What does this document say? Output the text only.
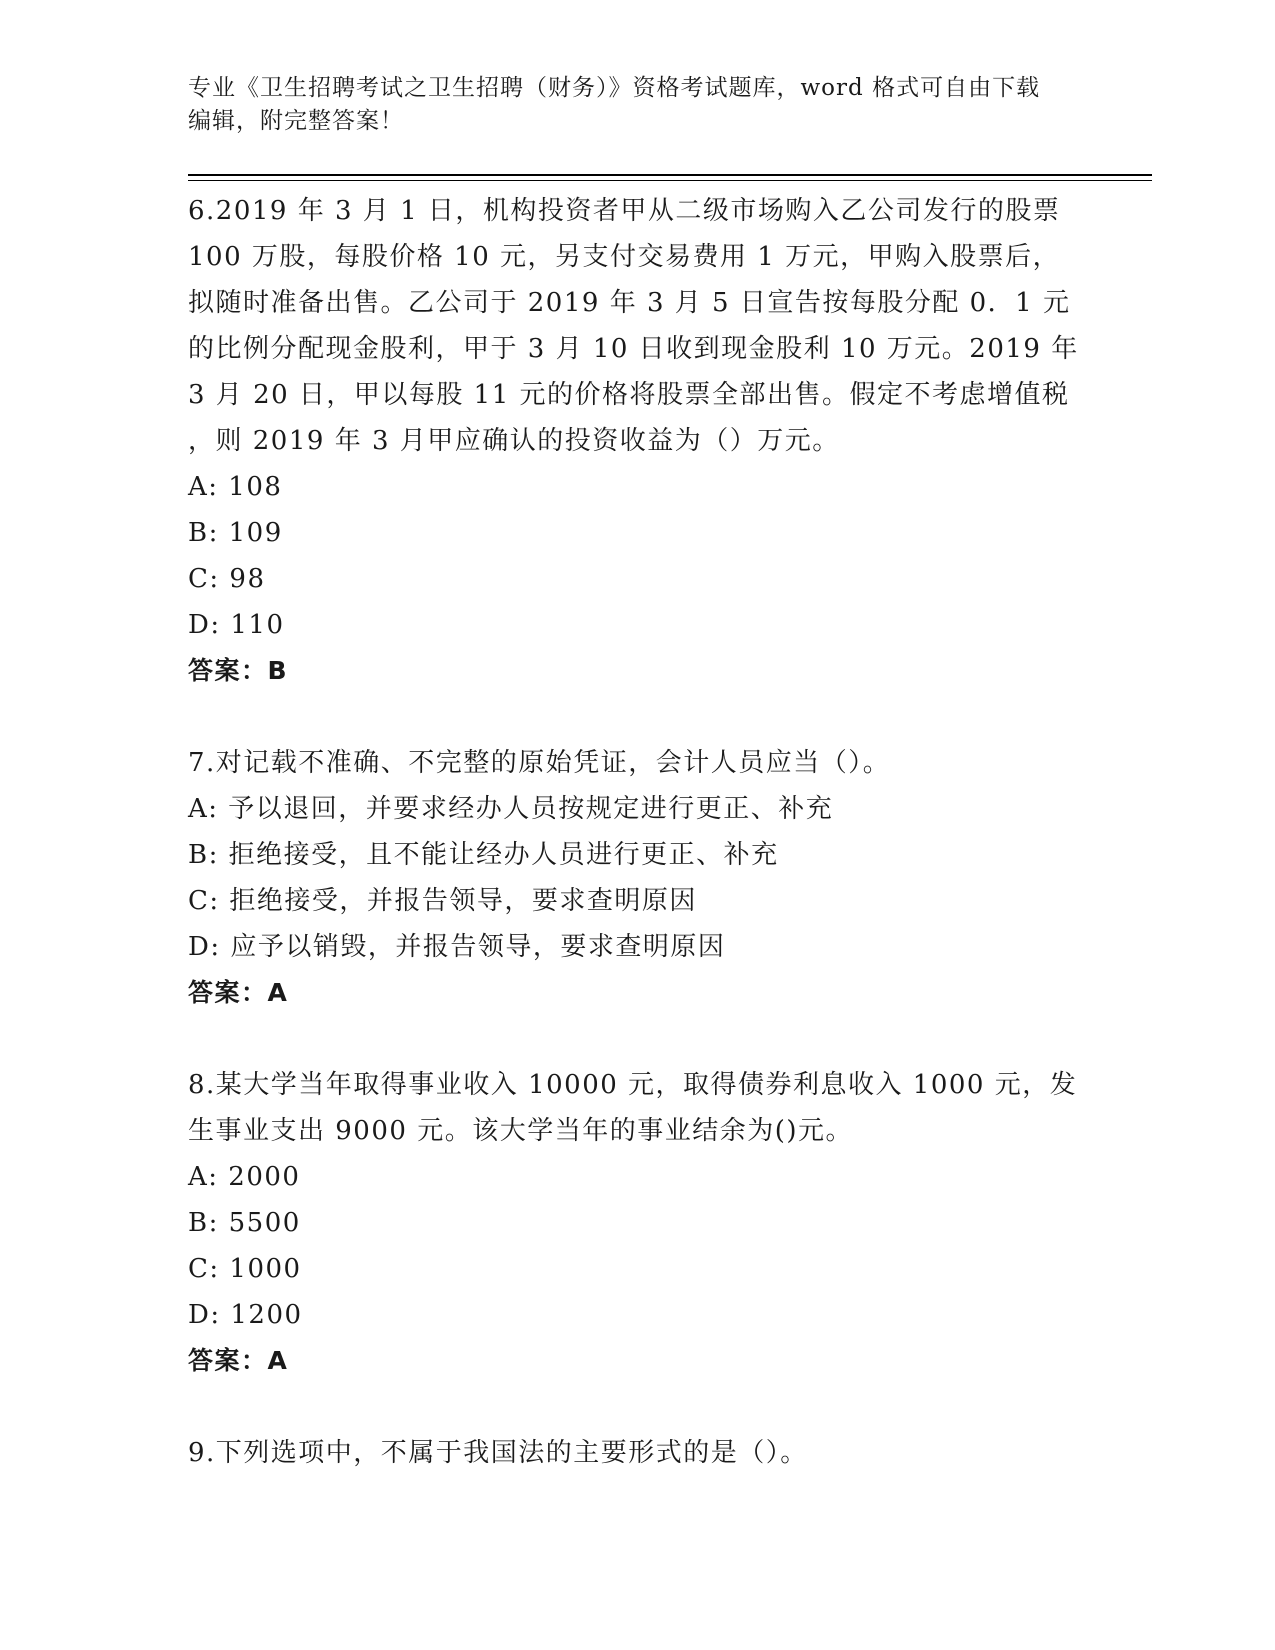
专业《卫生招聘考试之卫生招聘（财务）》资格考试题库，word 格式可自由下载
编辑，附完整答案！

6.2019 年 3 月 1 日，机构投资者甲从二级市场购入乙公司发行的股票

100 万股，每股价格 10 元，另支付交易费用 1 万元，甲购入股票后，

拟随时准备出售。乙公司于 2019 年 3 月 5 日宣告按每股分配 0．1 元

的比例分配现金股利，甲于 3 月 10 日收到现金股利 10 万元。2019 年

3 月 20 日，甲以每股 11 元的价格将股票全部出售。假定不考虑增值税

，则 2019 年 3 月甲应确认的投资收益为（）万元。

A: 108

B: 109

C: 98

D: 110

答案：B

7.对记载不准确、不完整的原始凭证，会计人员应当（）。

A: 予以退回，并要求经办人员按规定进行更正、补充

B: 拒绝接受，且不能让经办人员进行更正、补充

C: 拒绝接受，并报告领导，要求查明原因

D: 应予以销毁，并报告领导，要求查明原因

答案：A

8.某大学当年取得事业收入 10000 元，取得债券利息收入 1000 元，发

生事业支出 9000 元。该大学当年的事业结余为()元。

A: 2000

B: 5500

C: 1000

D: 1200

答案：A

9.下列选项中，不属于我国法的主要形式的是（）。
